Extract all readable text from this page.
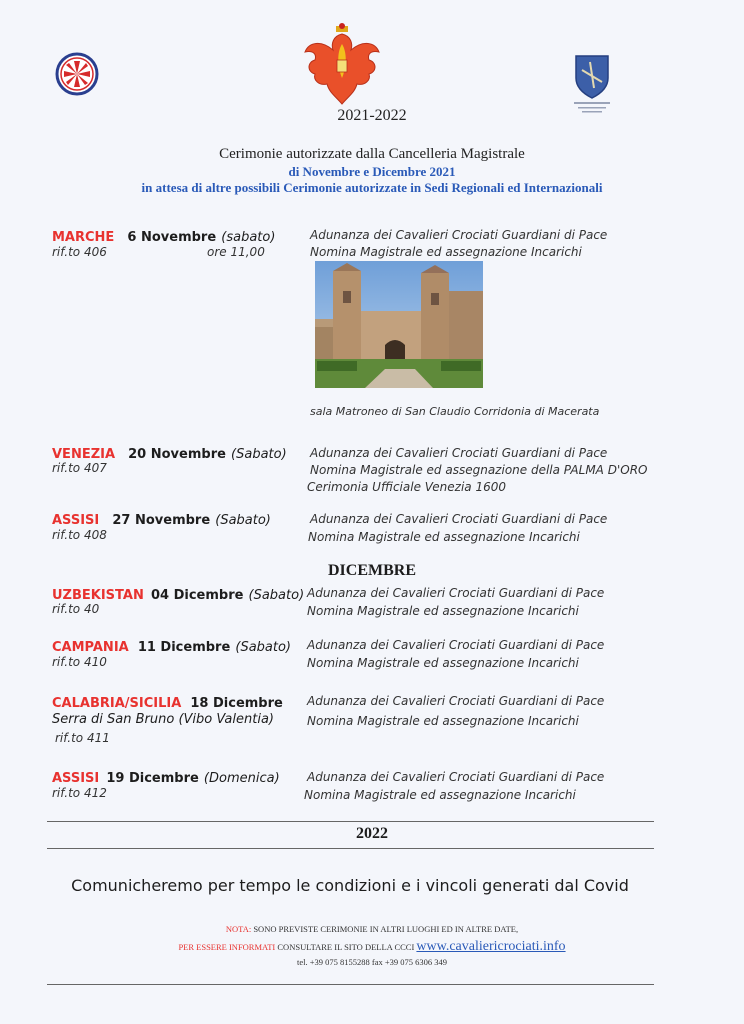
2021-2022
Cerimonie autorizzate dalla Cancelleria Magistrale
di Novembre e Dicembre 2021
in attesa di altre possibili Cerimonie autorizzate in Sedi Regionali ed Internazionali
MARCHE 6 Novembre (sabato)
rif.to 406	ore 11,00
Adunanza dei Cavalieri Crociati Guardiani di Pace
Nomina Magistrale ed assegnazione Incarichi
sala Matroneo di San Claudio Corridonia di Macerata
VENEZIA 20 Novembre (Sabato)
rif.to 407
Adunanza dei Cavalieri Crociati Guardiani di Pace
Nomina Magistrale ed assegnazione della PALMA D'ORO
Cerimonia Ufficiale Venezia 1600
ASSISI 27 Novembre (Sabato)
rif.to 408
Adunanza dei Cavalieri Crociati Guardiani di Pace
Nomina Magistrale ed assegnazione Incarichi
DICEMBRE
UZBEKISTAN 04 Dicembre (Sabato)
rif.to 40
Adunanza dei Cavalieri Crociati Guardiani di Pace
Nomina Magistrale ed assegnazione Incarichi
CAMPANIA 11 Dicembre (Sabato)
rif.to 410
Adunanza dei Cavalieri Crociati Guardiani di Pace
Nomina Magistrale ed assegnazione Incarichi
CALABRIA/SICILIA 18 Dicembre
Serra di San Bruno (Vibo Valentia)
rif.to 411
Adunanza dei Cavalieri Crociati Guardiani di Pace
Nomina Magistrale ed assegnazione Incarichi
ASSISI 19 Dicembre (Domenica)
rif.to 412
Adunanza dei Cavalieri Crociati Guardiani di Pace
Nomina Magistrale ed assegnazione Incarichi
2022
Comunicheremo per tempo le condizioni e i vincoli generati dal Covid
NOTA: SONO PREVISTE CERIMONIE IN ALTRI LUOGHI ED IN ALTRE DATE,
PER ESSERE INFORMATI CONSULTARE IL SITO DELLA CCCI www.cavaliericrociati.info
tel. +39 075 8155288 fax +39 075 6306 349
